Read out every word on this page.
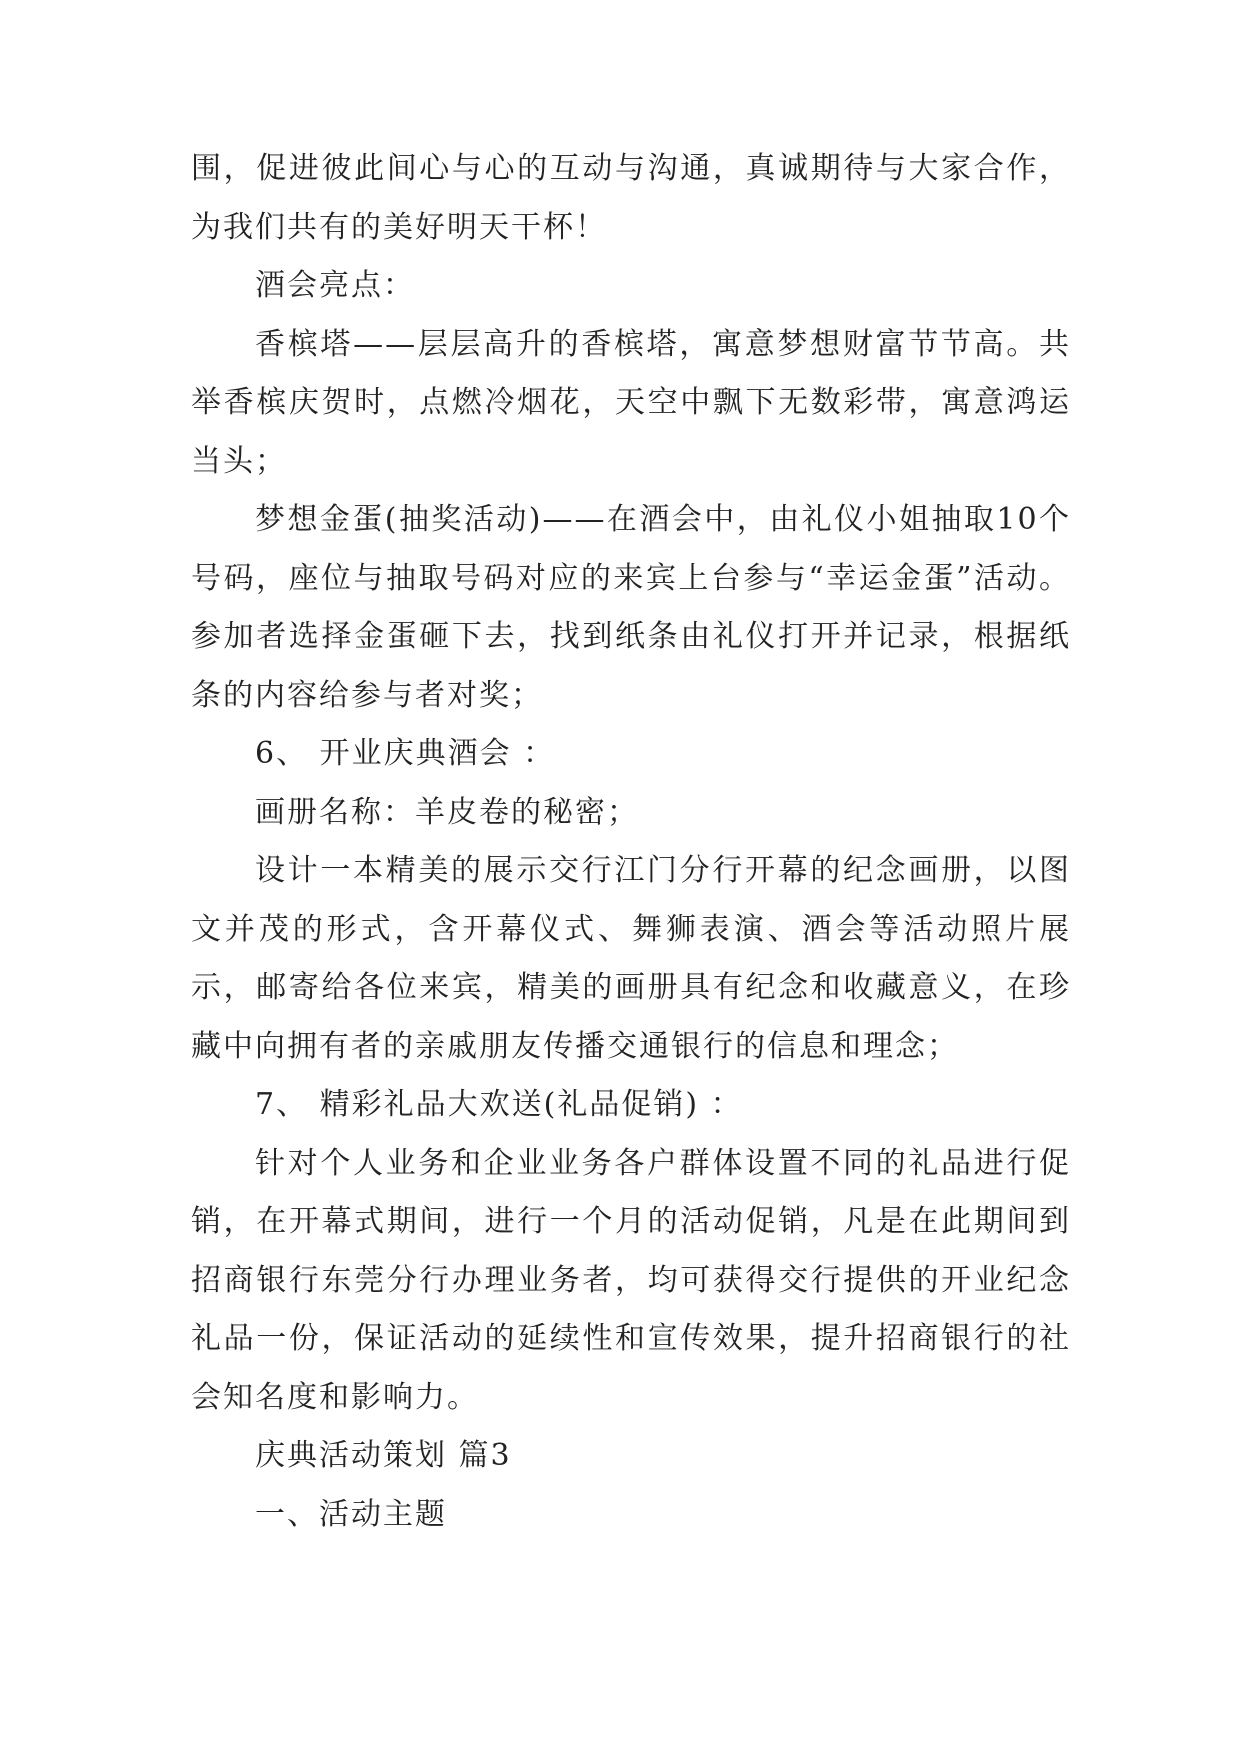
围，促进彼此间心与心的互动与沟通，真诚期待与大家合作，为我们共有的美好明天干杯！

酒会亮点：

香槟塔——层层高升的香槟塔，寓意梦想财富节节高。共举香槟庆贺时，点燃冷烟花，天空中飘下无数彩带，寓意鸿运当头；

梦想金蛋(抽奖活动)——在酒会中，由礼仪小姐抽取10个号码，座位与抽取号码对应的来宾上台参与“幸运金蛋”活动。参加者选择金蛋砸下去，找到纸条由礼仪打开并记录，根据纸条的内容给参与者对奖；

6、 开业庆典酒会 ：

画册名称：羊皮卷的秘密；

设计一本精美的展示交行江门分行开幕的纪念画册，以图文并茂的形式，含开幕仪式、舞狮表演、酒会等活动照片展示，邮寄给各位来宾，精美的画册具有纪念和收藏意义，在珍藏中向拥有者的亲戚朋友传播交通银行的信息和理念；

7、 精彩礼品大欢送(礼品促销) ：

针对个人业务和企业业务各户群体设置不同的礼品进行促销，在开幕式期间，进行一个月的活动促销，凡是在此期间到招商银行东莞分行办理业务者，均可获得交行提供的开业纪念礼品一份，保证活动的延续性和宣传效果，提升招商银行的社会知名度和影响力。

庆典活动策划 篇3

一、活动主题
